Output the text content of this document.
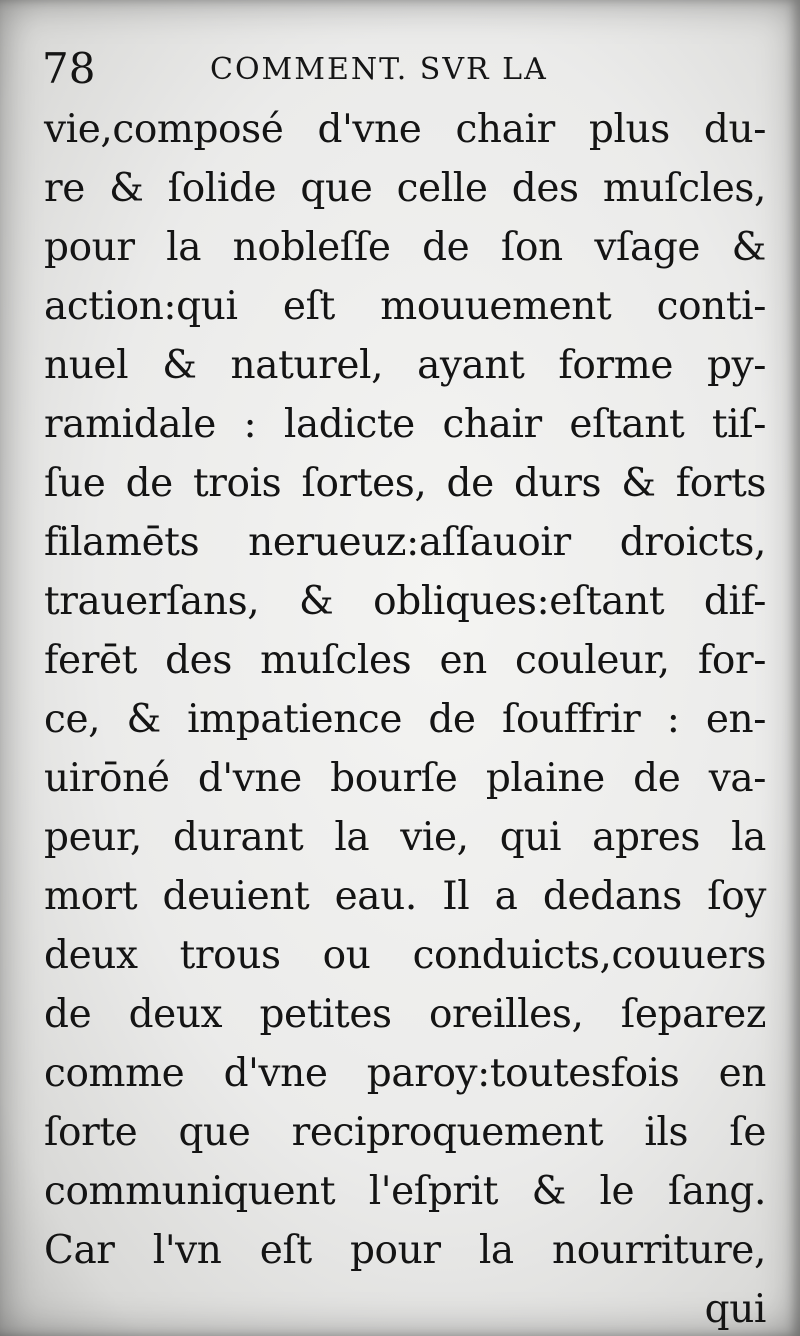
78	COMMENT. SVR LA
vie,composé d'vne chair plus du-
re & ſolide que celle des muſcles,
pour la nobleſſe de ſon vſage &
action:qui eſt mouuement conti-
nuel & naturel, ayant forme py-
ramidale : ladicte chair eſtant tiſ-
ſue de trois ſortes, de durs & forts
filamēts nerueuz:aſſauoir droicts,
trauerſans, & obliques:eſtant dif-
ferēt des muſcles en couleur, for-
ce, & impatience de ſouffrir : en-
uirōné d'vne bourſe plaine de va-
peur, durant la vie, qui apres la
mort deuient eau. Il a dedans ſoy
deux trous ou conduicts,couuers
de deux petites oreilles, ſeparez
comme d'vne paroy:toutesfois en
ſorte que reciproquement ils ſe
communiquent l'eſprit & le ſang.
Car l'vn eſt pour la nourriture,
qui
